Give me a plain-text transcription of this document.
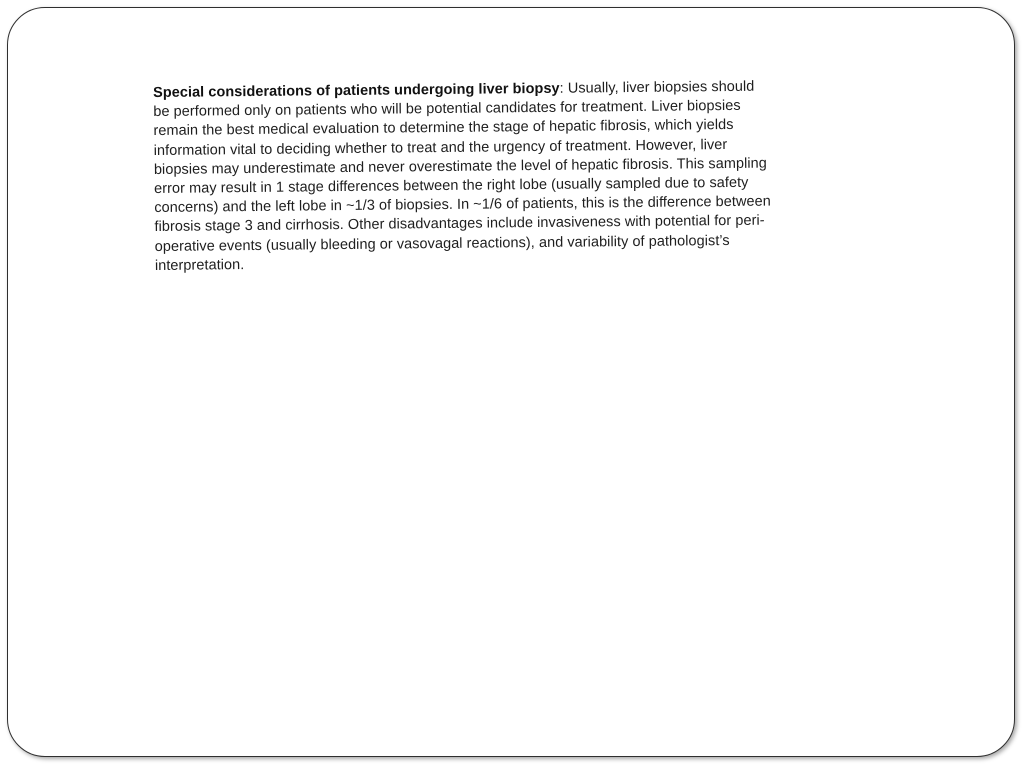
Special considerations of patients undergoing liver biopsy: Usually, liver biopsies should
be performed only on patients who will be potential candidates for treatment. Liver biopsies
remain the best medical evaluation to determine the stage of hepatic fibrosis, which yields
information vital to deciding whether to treat and the urgency of treatment. However, liver
biopsies may underestimate and never overestimate the level of hepatic fibrosis. This sampling
error may result in 1 stage differences between the right lobe (usually sampled due to safety
concerns) and the left lobe in ~1/3 of biopsies. In ~1/6 of patients, this is the difference between
fibrosis stage 3 and cirrhosis. Other disadvantages include invasiveness with potential for peri-
operative events (usually bleeding or vasovagal reactions), and variability of pathologist’s
interpretation.
